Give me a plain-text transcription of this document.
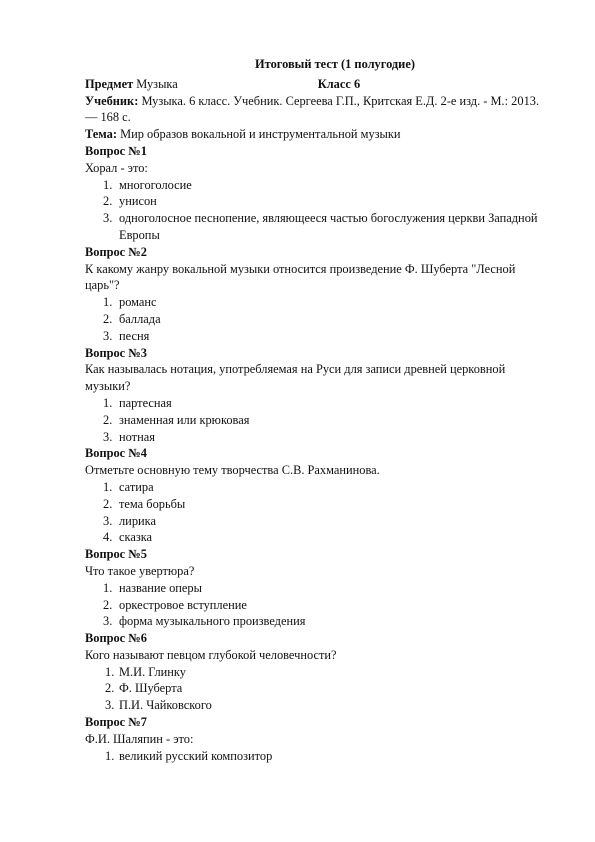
Итоговый тест (1 полугодие)
Предмет Музыка	Класс 6
Учебник: Музыка. 6 класс. Учебник. Сергеева Г.П., Критская Е.Д. 2-е изд. - М.: 2013. — 168 с.
Тема: Мир образов вокальной и инструментальной музыки
Вопрос №1
Хорал - это:
1. многоголосие
2. унисон
3. одноголосное песнопение, являющееся частью богослужения церкви Западной Европы
Вопрос №2
К какому жанру вокальной музыки относится произведение Ф. Шуберта "Лесной царь"?
1. романс
2. баллада
3. песня
Вопрос №3
Как называлась нотация, употребляемая на Руси для записи древней церковной музыки?
1. партесная
2. знаменная или крюковая
3. нотная
Вопрос №4
Отметьте основную тему творчества С.В. Рахманинова.
1. сатира
2. тема борьбы
3. лирика
4. сказка
Вопрос №5
Что такое увертюра?
1. название оперы
2. оркестровое вступление
3. форма музыкального произведения
Вопрос №6
Кого называют певцом глубокой человечности?
1. М.И. Глинку
2. Ф. Шуберта
3. П.И. Чайковского
Вопрос №7
Ф.И. Шаляпин - это:
1. великий русский композитор
